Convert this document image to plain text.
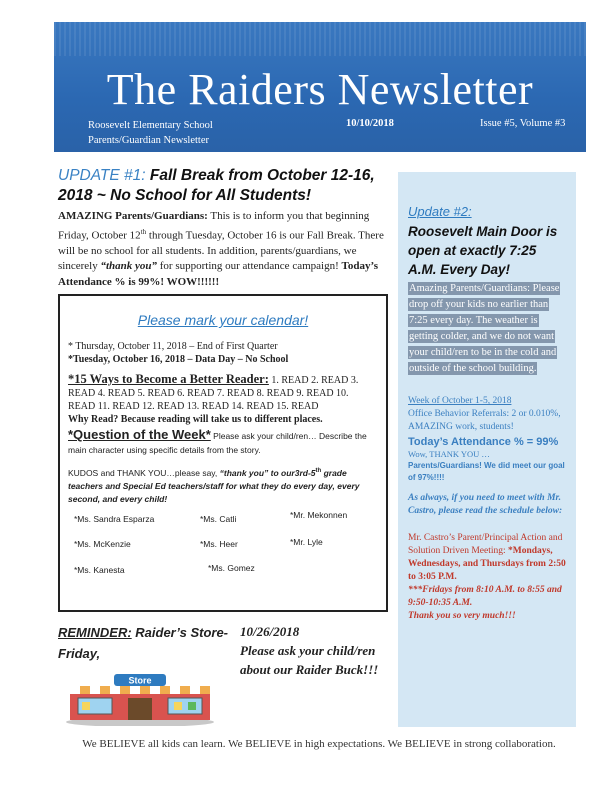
The Raiders Newsletter
Roosevelt Elementary School
Parents/Guardian Newsletter
10/10/2018	Issue #5, Volume #3
UPDATE #1: Fall Break from October 12-16, 2018 ~ No School for All Students!
AMAZING Parents/Guardians: This is to inform you that beginning Friday, October 12th through Tuesday, October 16 is our Fall Break. There will be no school for all students. In addition, parents/guardians, we sincerely “thank you” for supporting our attendance campaign! Today’s Attendance % is 99%! WOW!!!!!!
Please mark your calendar!
* Thursday, October 11, 2018 – End of First Quarter
*Tuesday, October 16, 2018 – Data Day – No School
*15 Ways to Become a Better Reader: 1. READ 2. READ 3. READ 4. READ 5. READ 6. READ 7. READ 8. READ 9. READ 10. READ 11. READ 12. READ 13. READ 14. READ 15. READ
Why Read? Because reading will take us to different places.
*Question of the Week* Please ask your child/ren… Describe the main character using specific details from the story.
KUDOS and THANK YOU…please say, “thank you” to our3rd-5th grade teachers and Special Ed teachers/staff for what they do every day, every second, and every child!
*Ms. Sandra Esparza	*Ms. Catli	*Mr. Mekonnen
*Ms. McKenzie	*Ms. Heer	*Mr. Lyle
*Ms. Kanesta	*Ms. Gomez
Update #2:
Roosevelt Main Door is open at exactly 7:25 A.M. Every Day!
Amazing Parents/Guardians: Please drop off your kids no earlier than 7:25 every day. The weather is getting colder, and we do not want your child/ren to be in the cold and outside of the school building.
Week of October 1-5, 2018
Office Behavior Referrals: 2 or 0.010%, AMAZING work, students!
Today’s Attendance % = 99%
Wow, THANK YOU …
Parents/Guardians! We did meet our goal of 97%!!!!
As always, if you need to meet with Mr. Castro, please read the schedule below:
Mr. Castro’s Parent/Principal Action and Solution Driven Meeting: *Mondays, Wednesdays, and Thursdays from 2:50 to 3:05 P.M.
***Fridays from 8:10 A.M. to 8:55 and 9:50-10:35 A.M.
Thank you so very much!!!
REMINDER: Raider’s Store- Friday,
Store
10/26/2018
Please ask your child/ren about our Raider Buck!!!
We BELIEVE all kids can learn. We BELIEVE in high expectations. We BELIEVE in strong collaboration.
